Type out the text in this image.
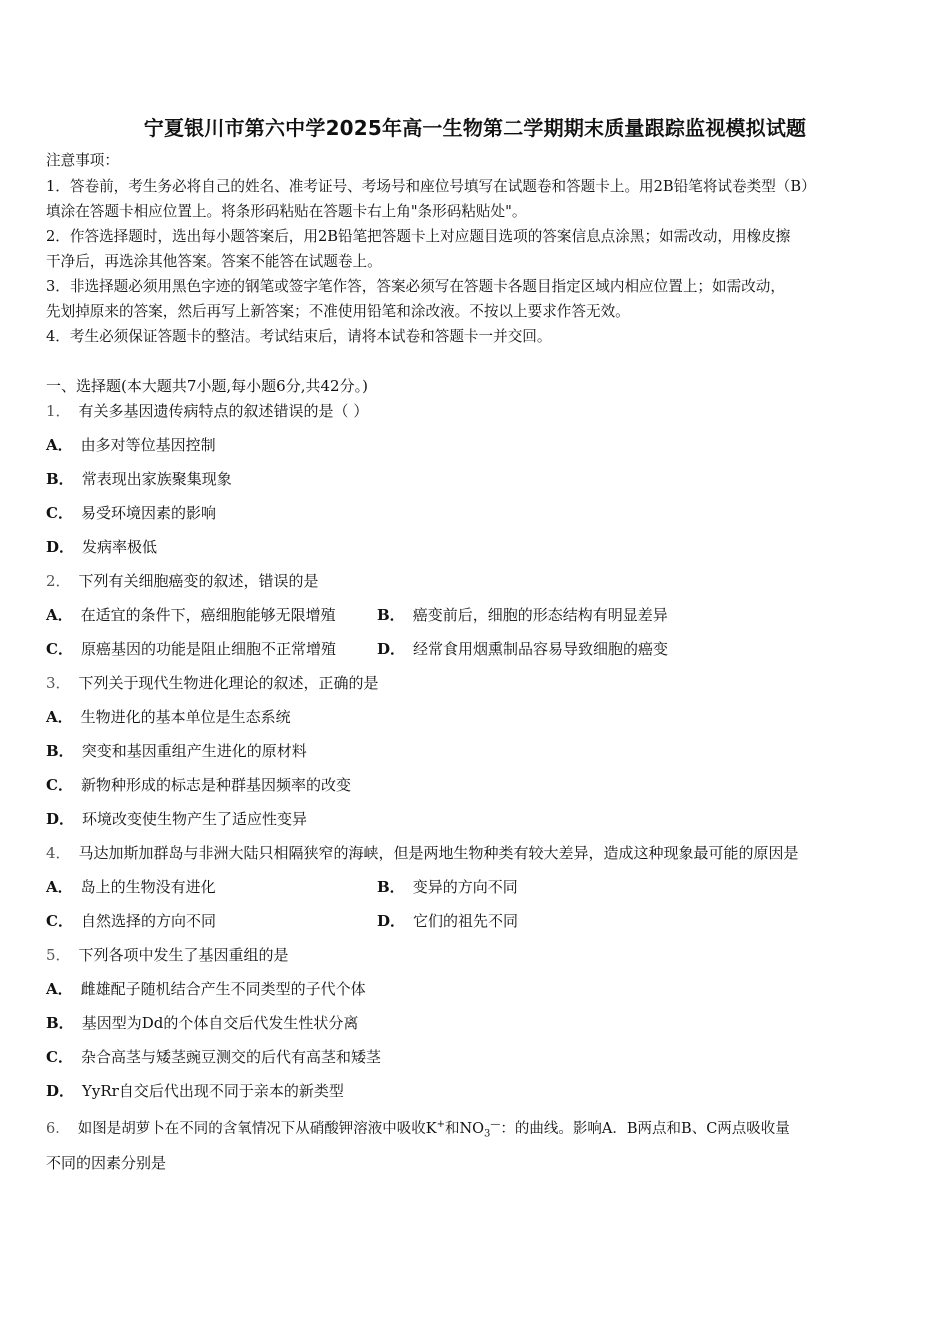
宁夏银川市第六中学2025年高一生物第二学期期末质量跟踪监视模拟试题
注意事项：
1．答卷前，考生务必将自己的姓名、准考证号、考场号和座位号填写在试题卷和答题卡上。用2B铅笔将试卷类型（B）
填涂在答题卡相应位置上。将条形码粘贴在答题卡右上角"条形码粘贴处"。
2．作答选择题时，选出每小题答案后，用2B铅笔把答题卡上对应题目选项的答案信息点涂黑；如需改动，用橡皮擦
干净后，再选涂其他答案。答案不能答在试题卷上。
3．非选择题必须用黑色字迹的钢笔或签字笔作答，答案必须写在答题卡各题目指定区域内相应位置上；如需改动，
先划掉原来的答案，然后再写上新答案；不准使用铅笔和涂改液。不按以上要求作答无效。
4．考生必须保证答题卡的整洁。考试结束后，请将本试卷和答题卡一并交回。
一、选择题(本大题共7小题,每小题6分,共42分。)
1． 有关多基因遗传病特点的叙述错误的是（ ）
A． 由多对等位基因控制
B． 常表现出家族聚集现象
C． 易受环境因素的影响
D． 发病率极低
2． 下列有关细胞癌变的叙述，错误的是
A． 在适宜的条件下，癌细胞能够无限增殖	B． 癌变前后，细胞的形态结构有明显差异
C． 原癌基因的功能是阻止细胞不正常增殖	D． 经常食用烟熏制品容易导致细胞的癌变
3． 下列关于现代生物进化理论的叙述，正确的是
A． 生物进化的基本单位是生态系统
B． 突变和基因重组产生进化的原材料
C． 新物种形成的标志是种群基因频率的改变
D． 环境改变使生物产生了适应性变异
4． 马达加斯加群岛与非洲大陆只相隔狭窄的海峡，但是两地生物种类有较大差异，造成这种现象最可能的原因是
A． 岛上的生物没有进化	B． 变异的方向不同
C． 自然选择的方向不同	D． 它们的祖先不同
5． 下列各项中发生了基因重组的是
A． 雌雄配子随机结合产生不同类型的子代个体
B． 基因型为Dd的个体自交后代发生性状分离
C． 杂合高茎与矮茎豌豆测交的后代有高茎和矮茎
D． YyRr自交后代出现不同于亲本的新类型
6． 如图是胡萝卜在不同的含氧情况下从硝酸钾溶液中吸收K+和$NO_3^—$：的曲线。影响A．B两点和B、C两点吸收量
不同的因素分别是
